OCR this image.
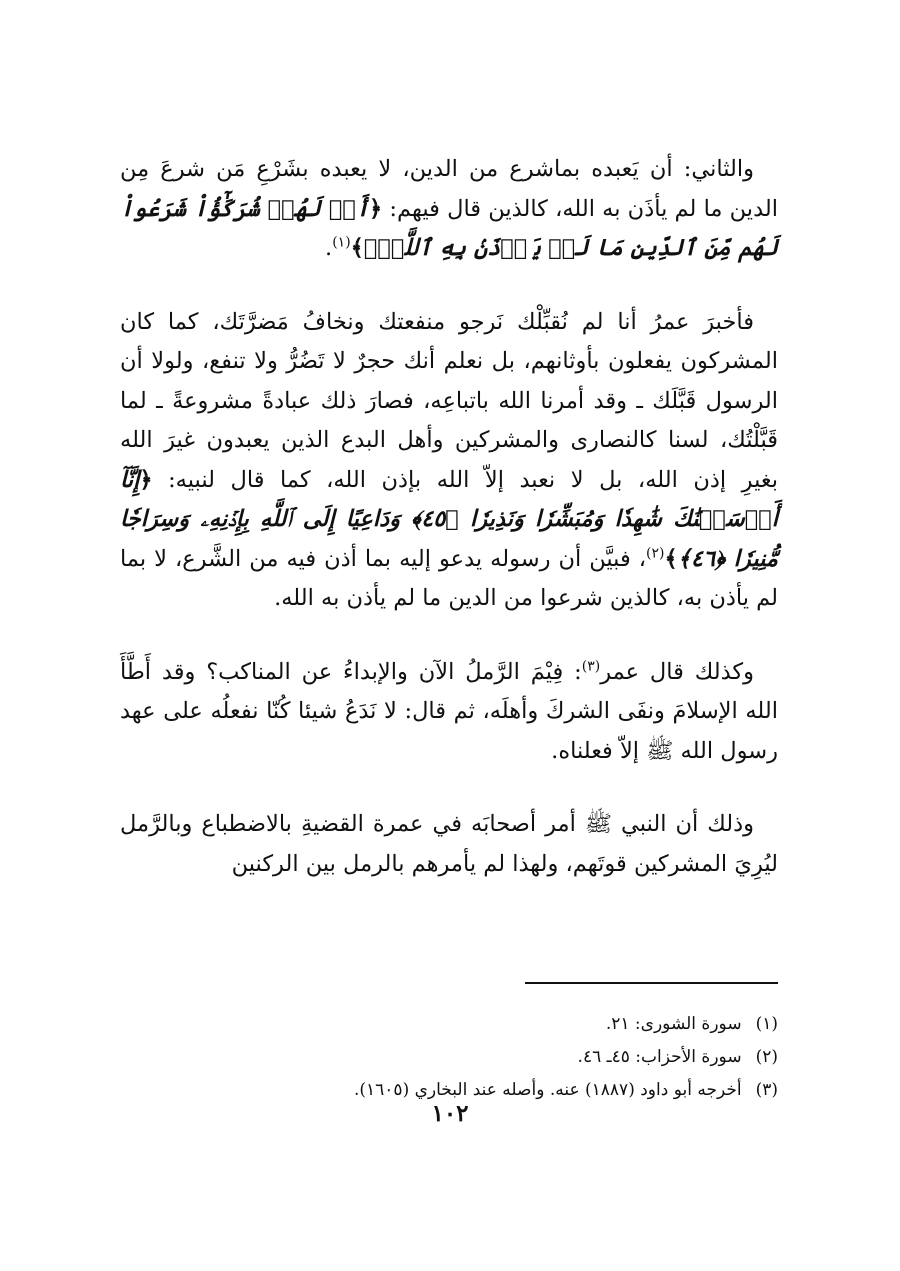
والثاني: أن يَعبده بماشرع من الدين، لا يعبده بشَرْعِ مَن شرعَ مِن الدين ما لم يأذَن به الله، كالذين قال فيهم: ﴿أَمۡ لَهُمۡ شُرَكَٰٓؤُاْ شَرَعُواْ لَهُم مِّنَ ٱلدِّينِ مَا لَمۡ يَأۡذَنۢ بِهِ ٱللَّهُۚ﴾$^{(١)}$.

فأخبرَ عمرُ أنا لم نُقبِّلْك نَرجو منفعتك ونخافُ مَضرَّتَك، كما كان المشركون يفعلون بأوثانهم، بل نعلم أنك حجرٌ لا تَضُرُّ ولا تنفع، ولولا أن الرسول قَبَّلَك ـ وقد أمرنا الله باتباعِه، فصارَ ذلك عبادةً مشروعةً ـ لما قَبَّلْتُك، لسنا كالنصارى والمشركين وأهل البدع الذين يعبدون غيرَ الله بغيرِ إذن الله، بل لا نعبد إلاّ الله بإذن الله، كما قال لنبيه: ﴿إِنَّآ أَرۡسَلۡنَٰكَ شَٰهِدٗا وَمُبَشِّرٗا وَنَذِيرٗا ﴿٤٥﴾ وَدَاعِيًا إِلَى ٱللَّهِ بِإِذۡنِهِۦ وَسِرَاجٗا مُّنِيرٗا ﴿٤٦﴾﴾$^{(٢)}$، فبيَّن أن رسوله يدعو إليه بما أذن فيه من الشَّرع، لا بما لم يأذن به، كالذين شرعوا من الدين ما لم يأذن به الله.

وكذلك قال عمر$^{(٣)}$: فِيْمَ الرَّملُ الآن والإبداءُ عن المناكب؟ وقد أَطَّأَ الله الإسلامَ ونفَى الشركَ وأهلَه، ثم قال: لا نَدَعُ شيئا كُنّا نفعلُه على عهد رسول الله ﷺ إلاّ فعلناه.

وذلك أن النبي ﷺ أمر أصحابَه في عمرة القضيةِ بالاضطباع وبالرَّمل ليُرِيَ المشركين قوتَهم، ولهذا لم يأمرهم بالرمل بين الركنين

(١)سورة الشورى: ٢١.
(٢)سورة الأحزاب: ٤٥ـ ٤٦.
(٣)أخرجه أبو داود (١٨٨٧) عنه. وأصله عند البخاري (١٦٠٥).
١٠٢
